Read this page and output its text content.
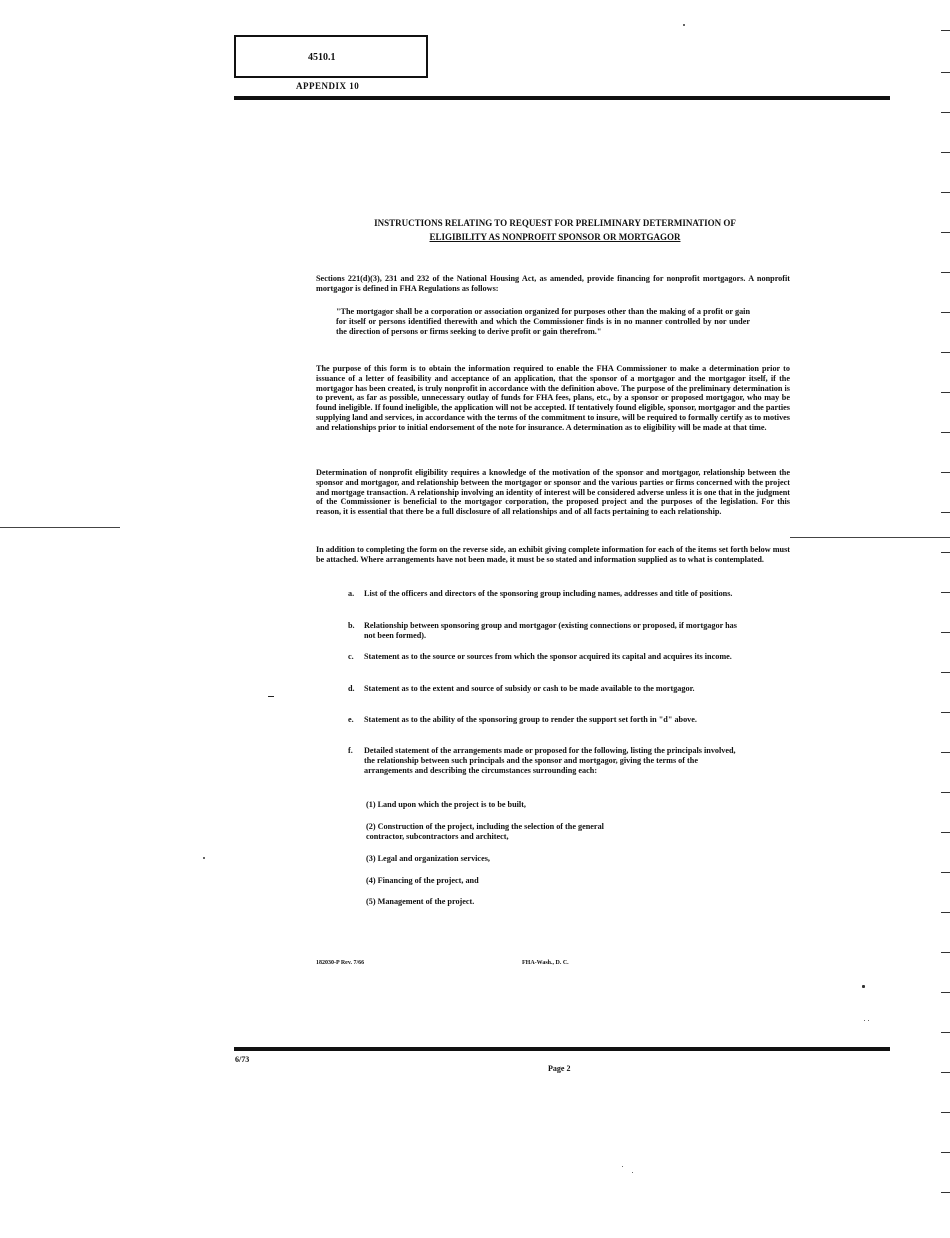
4510.1
APPENDIX 10
INSTRUCTIONS RELATING TO REQUEST FOR PRELIMINARY DETERMINATION OF
ELIGIBILITY AS NONPROFIT SPONSOR OR MORTGAGOR
Sections 221(d)(3), 231 and 232 of the National Housing Act, as amended, provide financing for nonprofit mortgagors. A nonprofit mortgagor is defined in FHA Regulations as follows:
"The mortgagor shall be a corporation or association organized for purposes other than the making of a profit or gain for itself or persons identified therewith and which the Commissioner finds is in no manner controlled by nor under the direction of persons or firms seeking to derive profit or gain therefrom."
The purpose of this form is to obtain the information required to enable the FHA Commissioner to make a determination prior to issuance of a letter of feasibility and acceptance of an application, that the sponsor of a mortgagor and the mortgagor itself, if the mortgagor has been created, is truly nonprofit in accordance with the definition above. The purpose of the preliminary determination is to prevent, as far as possible, unnecessary outlay of funds for FHA fees, plans, etc., by a sponsor or proposed mortgagor, who may be found ineligible. If found ineligible, the application will not be accepted. If tentatively found eligible, sponsor, mortgagor and the parties supplying land and services, in accordance with the terms of the commitment to insure, will be required to formally certify as to motives and relationships prior to initial endorsement of the note for insurance. A determination as to eligibility will be made at that time.
Determination of nonprofit eligibility requires a knowledge of the motivation of the sponsor and mortgagor, relationship between the sponsor and mortgagor, and relationship between the mortgagor or sponsor and the various parties or firms concerned with the project and mortgage transaction. A relationship involving an identity of interest will be considered adverse unless it is one that in the judgment of the Commissioner is beneficial to the mortgagor corporation, the proposed project and the purposes of the legislation. For this reason, it is essential that there be a full disclosure of all relationships and of all facts pertaining to each relationship.
In addition to completing the form on the reverse side, an exhibit giving complete information for each of the items set forth below must be attached. Where arrangements have not been made, it must be so stated and information supplied as to what is contemplated.
a. List of the officers and directors of the sponsoring group including names, addresses and title of positions.
b. Relationship between sponsoring group and mortgagor (existing connections or proposed, if mortgagor has not been formed).
c. Statement as to the source or sources from which the sponsor acquired its capital and acquires its income.
d. Statement as to the extent and source of subsidy or cash to be made available to the mortgagor.
e. Statement as to the ability of the sponsoring group to render the support set forth in "d" above.
f. Detailed statement of the arrangements made or proposed for the following, listing the principals involved, the relationship between such principals and the sponsor and mortgagor, giving the terms of the arrangements and describing the circumstances surrounding each:
(1) Land upon which the project is to be built,
(2) Construction of the project, including the selection of the general contractor, subcontractors and architect,
(3) Legal and organization services,
(4) Financing of the project, and
(5) Management of the project.
182030-P Rev. 7/66	FHA-Wash., D. C.
6/73
Page 2
